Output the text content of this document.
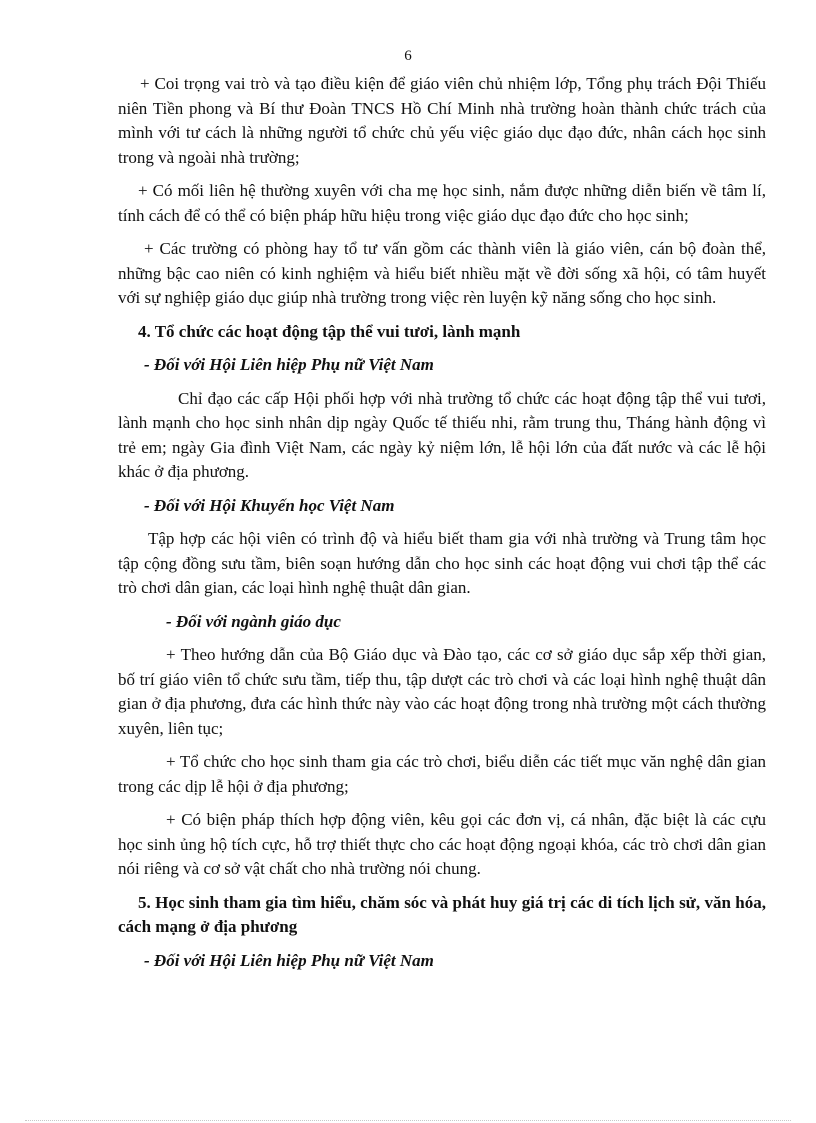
6

+ Coi trọng vai trò và tạo điều kiện để giáo viên chủ nhiệm lớp, Tổng phụ trách Đội Thiếu niên Tiền phong và Bí thư Đoàn TNCS Hồ Chí Minh nhà trường hoàn thành chức trách của mình với tư cách là những người tổ chức chủ yếu việc giáo dục đạo đức, nhân cách học sinh trong và ngoài nhà trường;

+ Có mối liên hệ thường xuyên với cha mẹ học sinh, nắm được những diễn biến về tâm lí, tính cách để có thể có biện pháp hữu hiệu trong việc giáo dục đạo đức cho học sinh;

+ Các trường có phòng hay tổ tư vấn gồm các thành viên là giáo viên, cán bộ đoàn thể, những bậc cao niên có kinh nghiệm và hiểu biết nhiều mặt về đời sống xã hội, có tâm huyết với sự nghiệp giáo dục giúp nhà trường trong việc rèn luyện kỹ năng sống cho học sinh.

4. Tổ chức các hoạt động tập thể vui tươi, lành mạnh

- Đối với Hội Liên hiệp Phụ nữ Việt Nam

Chỉ đạo các cấp Hội phối hợp với nhà trường tổ chức các hoạt động tập thể vui tươi, lành mạnh cho học sinh nhân dịp ngày Quốc tế thiếu nhi, rằm trung thu, Tháng hành động vì trẻ em; ngày Gia đình Việt Nam, các ngày kỷ niệm lớn, lễ hội lớn của đất nước và các lễ hội khác ở địa phương.

- Đối với Hội Khuyến học Việt Nam

Tập hợp các hội viên có trình độ và hiểu biết tham gia với nhà trường và Trung tâm học tập cộng đồng sưu tầm, biên soạn hướng dẫn cho học sinh các hoạt động vui chơi tập thể các trò chơi dân gian, các loại hình nghệ thuật dân gian.

- Đối với ngành giáo dục

+ Theo hướng dẫn của Bộ Giáo dục và Đào tạo, các cơ sở giáo dục sắp xếp thời gian, bố trí giáo viên tổ chức sưu tầm, tiếp thu, tập dượt các trò chơi và các loại hình nghệ thuật dân gian ở địa phương, đưa các hình thức này vào các hoạt động trong nhà trường một cách thường xuyên, liên tục;

+ Tổ chức cho học sinh tham gia các trò chơi, biểu diễn các tiết mục văn nghệ dân gian trong các dịp lễ hội ở địa phương;

+ Có biện pháp thích hợp động viên, kêu gọi các đơn vị, cá nhân, đặc biệt là các cựu học sinh ủng hộ tích cực, hỗ trợ thiết thực cho các hoạt động ngoại khóa, các trò chơi dân gian nói riêng và cơ sở vật chất cho nhà trường nói chung.

5. Học sinh tham gia tìm hiểu, chăm sóc và phát huy giá trị các di tích lịch sử, văn hóa, cách mạng ở địa phương

- Đối với Hội Liên hiệp Phụ nữ Việt Nam
